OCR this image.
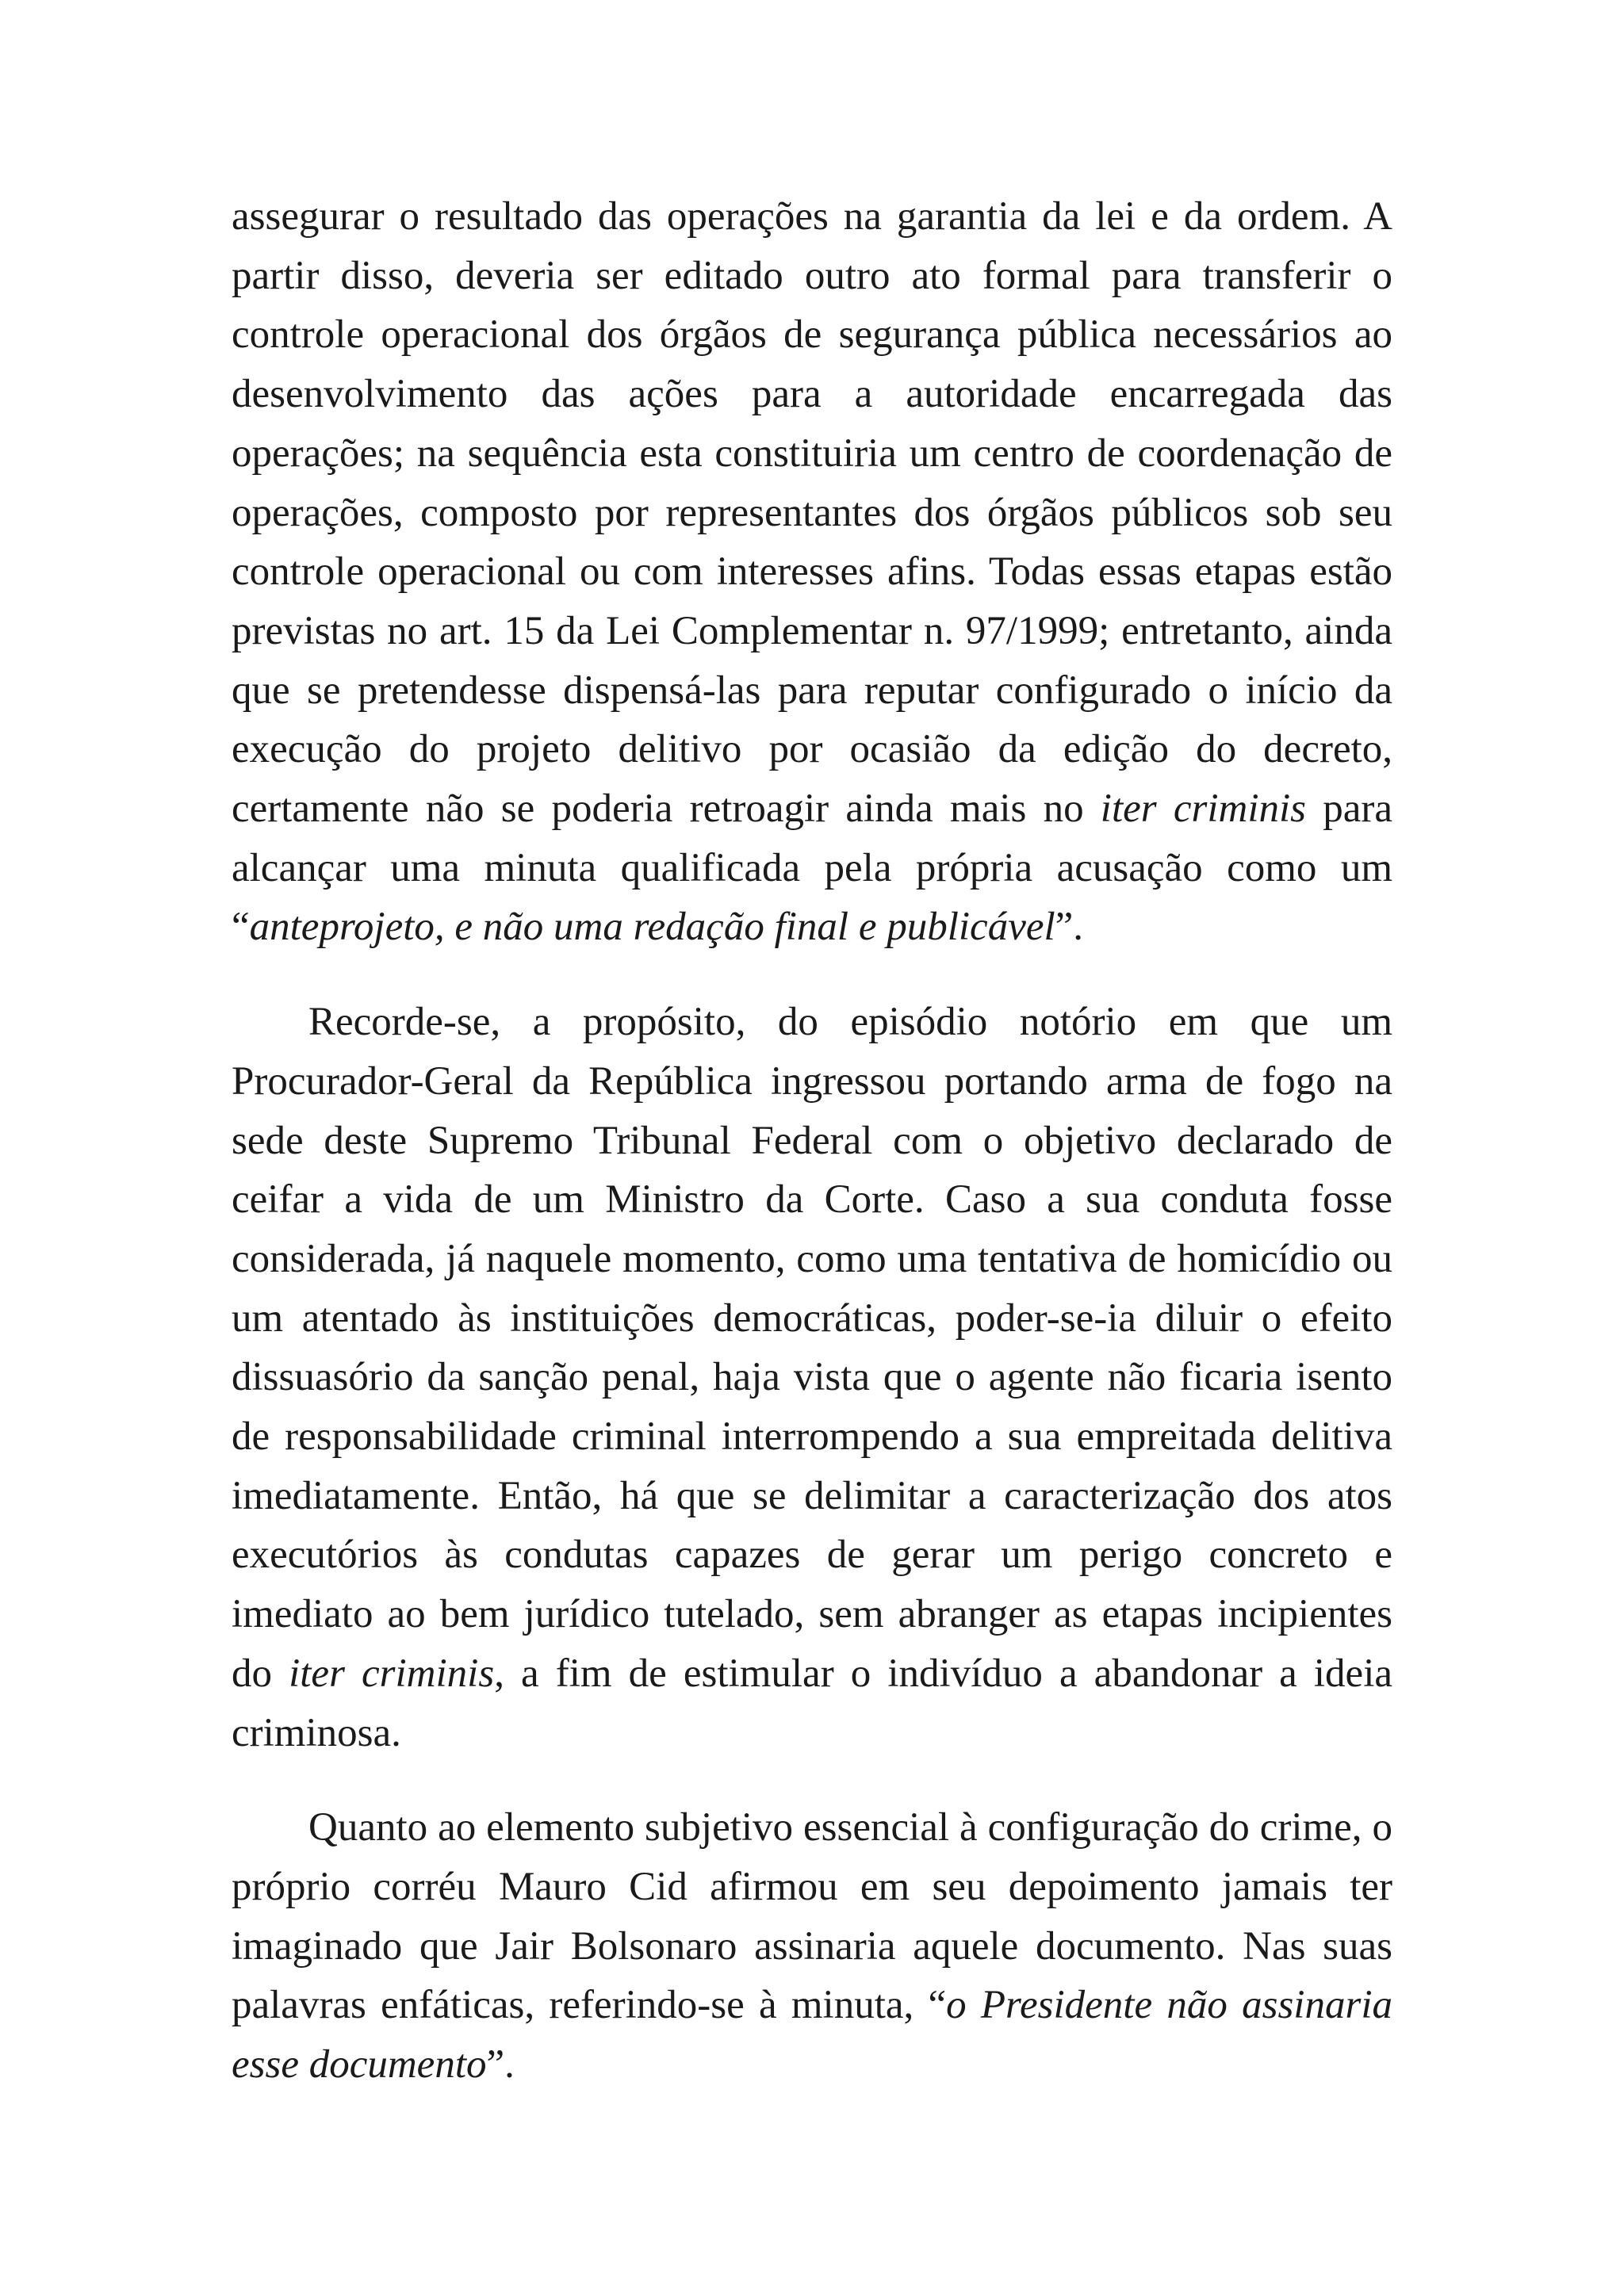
assegurar o resultado das operações na garantia da lei e da ordem. A partir disso, deveria ser editado outro ato formal para transferir o controle operacional dos órgãos de segurança pública necessários ao desenvolvimento das ações para a autoridade encarregada das operações; na sequência esta constituiria um centro de coordenação de operações, composto por representantes dos órgãos públicos sob seu controle operacional ou com interesses afins. Todas essas etapas estão previstas no art. 15 da Lei Complementar n. 97/1999; entretanto, ainda que se pretendesse dispensá-las para reputar configurado o início da execução do projeto delitivo por ocasião da edição do decreto, certamente não se poderia retroagir ainda mais no iter criminis para alcançar uma minuta qualificada pela própria acusação como um “anteprojeto, e não uma redação final e publicável”.

Recorde-se, a propósito, do episódio notório em que um Procurador-Geral da República ingressou portando arma de fogo na sede deste Supremo Tribunal Federal com o objetivo declarado de ceifar a vida de um Ministro da Corte. Caso a sua conduta fosse considerada, já naquele momento, como uma tentativa de homicídio ou um atentado às instituições democráticas, poder-se-ia diluir o efeito dissuasório da sanção penal, haja vista que o agente não ficaria isento de responsabilidade criminal interrompendo a sua empreitada delitiva imediatamente. Então, há que se delimitar a caracterização dos atos executórios às condutas capazes de gerar um perigo concreto e imediato ao bem jurídico tutelado, sem abranger as etapas incipientes do iter criminis, a fim de estimular o indivíduo a abandonar a ideia criminosa.

Quanto ao elemento subjetivo essencial à configuração do crime, o próprio corréu Mauro Cid afirmou em seu depoimento jamais ter imaginado que Jair Bolsonaro assinaria aquele documento. Nas suas palavras enfáticas, referindo-se à minuta, “o Presidente não assinaria esse documento”.
